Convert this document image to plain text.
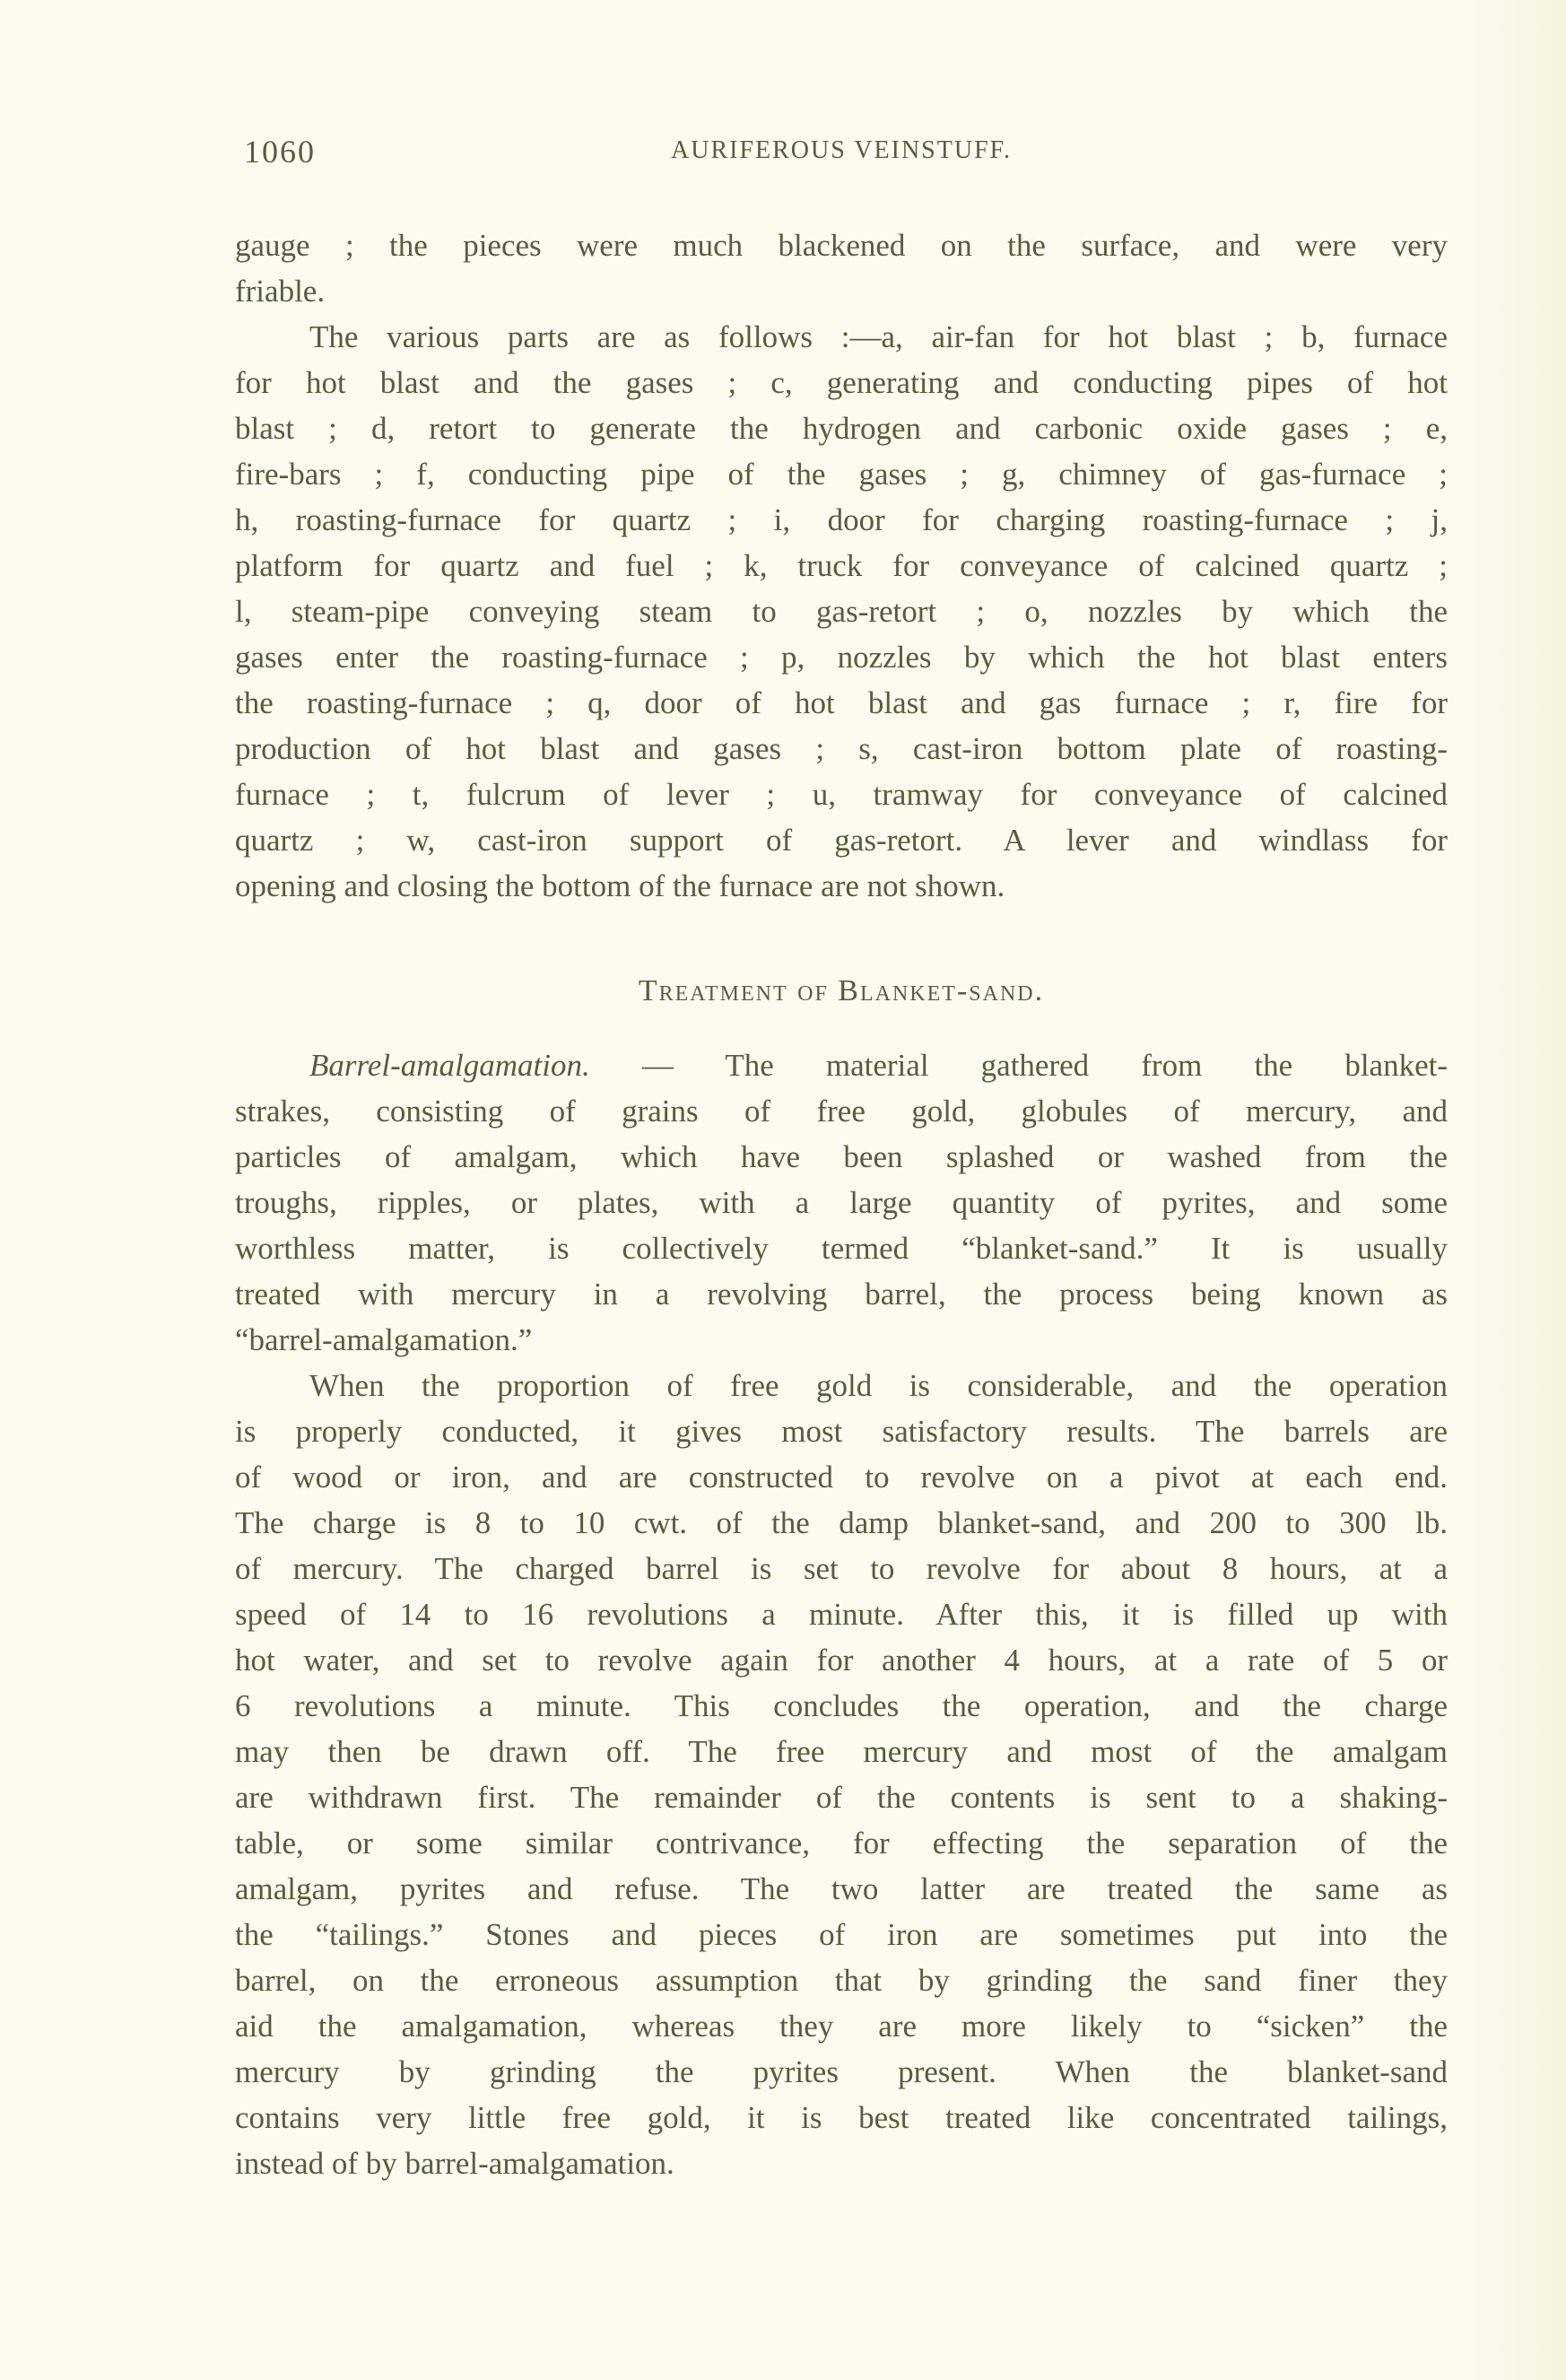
1060	AURIFEROUS VEINSTUFF.
gauge ; the pieces were much blackened on the surface, and were very
friable.
The various parts are as follows :—a, air-fan for hot blast ; b, furnace
for hot blast and the gases ; c, generating and conducting pipes of hot
blast ; d, retort to generate the hydrogen and carbonic oxide gases ; e,
fire-bars ; f, conducting pipe of the gases ; g, chimney of gas-furnace ;
h, roasting-furnace for quartz ; i, door for charging roasting-furnace ; j,
platform for quartz and fuel ; k, truck for conveyance of calcined quartz ;
l, steam-pipe conveying steam to gas-retort ; o, nozzles by which the
gases enter the roasting-furnace ; p, nozzles by which the hot blast enters
the roasting-furnace ; q, door of hot blast and gas furnace ; r, fire for
production of hot blast and gases ; s, cast-iron bottom plate of roasting-
furnace ; t, fulcrum of lever ; u, tramway for conveyance of calcined
quartz ; w, cast-iron support of gas-retort. A lever and windlass for
opening and closing the bottom of the furnace are not shown.
Treatment of Blanket-sand.
Barrel-amalgamation. — The material gathered from the blanket-
strakes, consisting of grains of free gold, globules of mercury, and
particles of amalgam, which have been splashed or washed from the
troughs, ripples, or plates, with a large quantity of pyrites, and some
worthless matter, is collectively termed “blanket-sand.” It is usually
treated with mercury in a revolving barrel, the process being known as
“barrel-amalgamation.”
When the proportion of free gold is considerable, and the operation
is properly conducted, it gives most satisfactory results. The barrels are
of wood or iron, and are constructed to revolve on a pivot at each end.
The charge is 8 to 10 cwt. of the damp blanket-sand, and 200 to 300 lb.
of mercury. The charged barrel is set to revolve for about 8 hours, at a
speed of 14 to 16 revolutions a minute. After this, it is filled up with
hot water, and set to revolve again for another 4 hours, at a rate of 5 or
6 revolutions a minute. This concludes the operation, and the charge
may then be drawn off. The free mercury and most of the amalgam
are withdrawn first. The remainder of the contents is sent to a shaking-
table, or some similar contrivance, for effecting the separation of the
amalgam, pyrites and refuse. The two latter are treated the same as
the “tailings.” Stones and pieces of iron are sometimes put into the
barrel, on the erroneous assumption that by grinding the sand finer they
aid the amalgamation, whereas they are more likely to “sicken” the
mercury by grinding the pyrites present. When the blanket-sand
contains very little free gold, it is best treated like concentrated tailings,
instead of by barrel-amalgamation.
